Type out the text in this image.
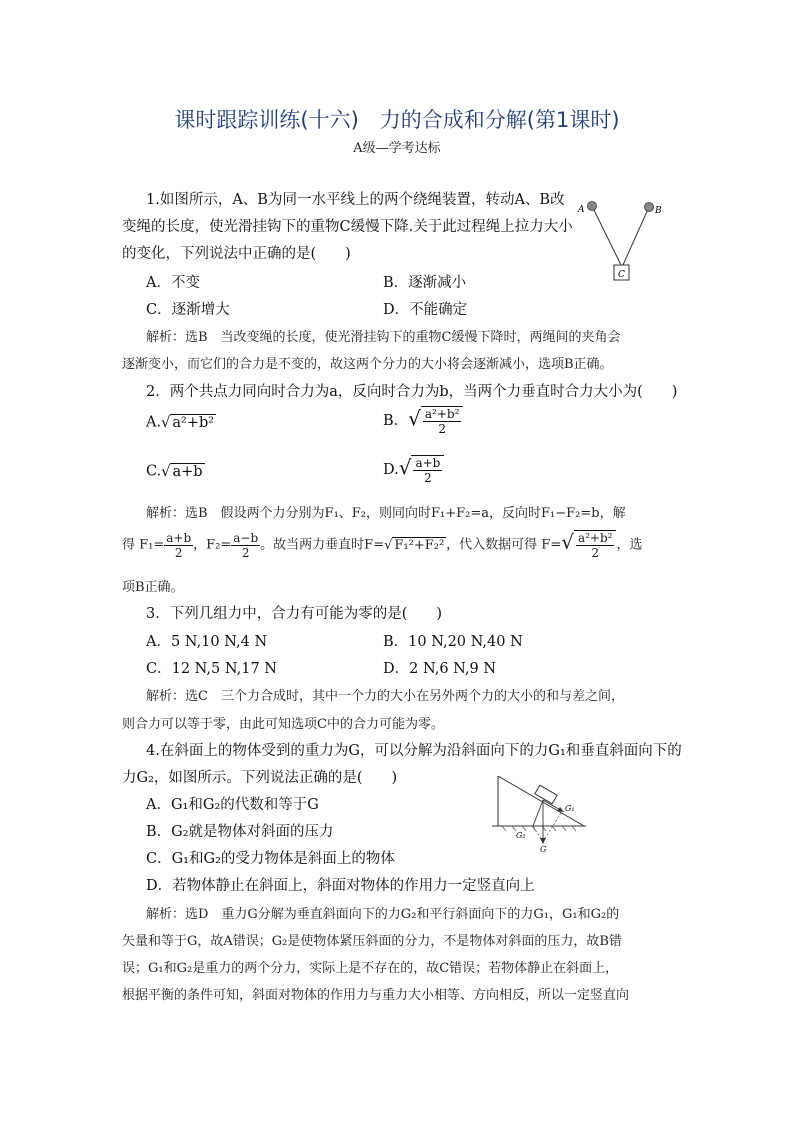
课时跟踪训练(十六)　力的合成和分解(第1课时)
A级—学考达标
1.如图所示，A、B为同一水平线上的两个绕绳装置，转动A、B改
变绳的长度，使光滑挂钩下的重物C缓慢下降.关于此过程绳上拉力大小
的变化，下列说法中正确的是(　　)
A．不变	B．逐渐减小
C．逐渐增大	D．不能确定
A	B
C
解析：选B　当改变绳的长度，使光滑挂钩下的重物C缓慢下降时，两绳间的夹角会
逐渐变小，而它们的合力是不变的，故这两个分力的大小将会逐渐减小，选项B正确。
2．两个共点力同向时合力为a，反向时合力为b，当两个力垂直时合力大小为(　　)
A.√ a²+b²	B．√ $\frac{\text{a²+b²}}{2}$
C.√ a+b	$D.√ \frac{a+b}{2}$
解析：选B　假设两个力分别为F₁、F₂，则同向时F₁+F₂=a，反向时F₁−F₂=b，解
得 $F_1= \frac{a+b}{2}$ ，$F_2= \frac{a-b}{2}$ 。故当两力垂直时F=√ F₁²+F₂² ，代入数据可得 $F=√ \frac{\text{a²+b²}}{2}$ ，选
项B正确。
3．下列几组力中，合力有可能为零的是(　　)
A．5 N,10 N,4 N	B．10 N,20 N,40 N
C．12 N,5 N,17 N	D．2 N,6 N,9 N
解析：选C　三个力合成时，其中一个力的大小在另外两个力的大小的和与差之间，
则合力可以等于零，由此可知选项C中的合力可能为零。
4.在斜面上的物体受到的重力为G，可以分解为沿斜面向下的力G₁和垂直斜面向下的
力G₂，如图所示。下列说法正确的是(　　)
A．G₁和G₂的代数和等于G
B．G₂就是物体对斜面的压力
C．G₁和G₂的受力物体是斜面上的物体
D．若物体静止在斜面上，斜面对物体的作用力一定竖直向上
G₁
G₂
G
解析：选D　重力G分解为垂直斜面向下的力G₂和平行斜面向下的力G₁，G₁和G₂的
矢量和等于G，故A错误；G₂是使物体紧压斜面的分力，不是物体对斜面的压力，故B错
误；G₁和G₂是重力的两个分力，实际上是不存在的，故C错误；若物体静止在斜面上，
根据平衡的条件可知，斜面对物体的作用力与重力大小相等、方向相反，所以一定竖直向
